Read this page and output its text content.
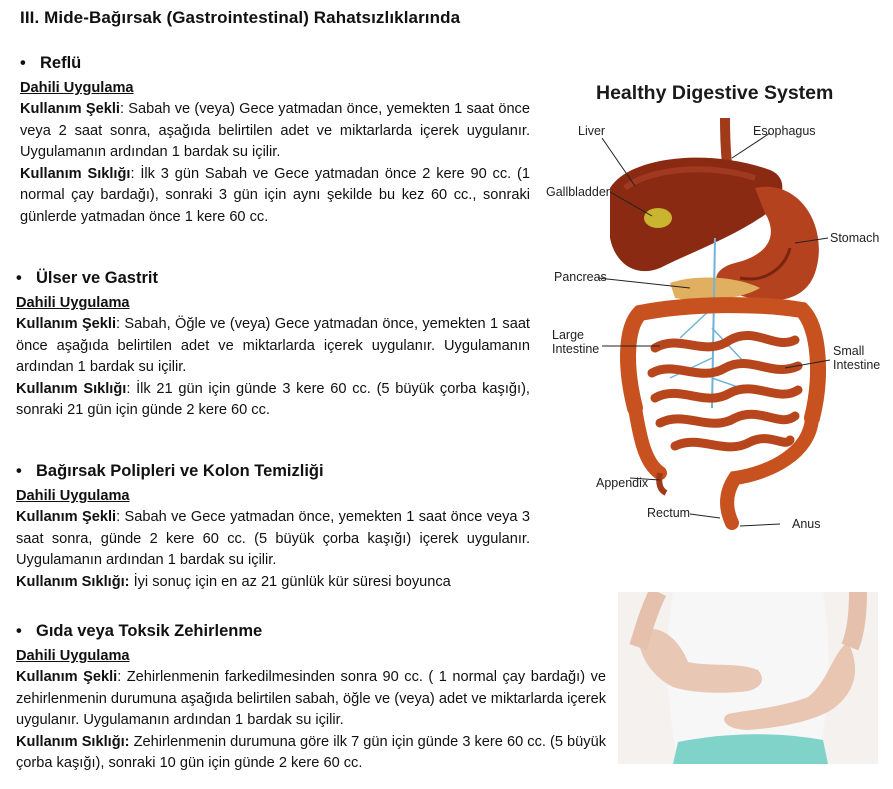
III. Mide-Bağırsak (Gastrointestinal) Rahatsızlıklarında
• Reflü
Dahili Uygulama
Kullanım Şekli: Sabah ve (veya) Gece yatmadan önce, yemekten 1 saat önce veya 2 saat sonra, aşağıda belirtilen adet ve miktarlarda içerek uygulanır. Uygulamanın ardından 1 bardak su içilir.
Kullanım Sıklığı: İlk 3 gün Sabah ve Gece yatmadan önce 2 kere 90 cc. (1 normal çay bardağı), sonraki 3 gün için aynı şekilde bu kez 60 cc., sonraki günlerde yatmadan önce 1 kere 60 cc.
• Ülser ve Gastrit
Dahili Uygulama
Kullanım Şekli: Sabah, Öğle ve (veya) Gece yatmadan önce, yemekten 1 saat önce aşağıda belirtilen adet ve miktarlarda içerek uygulanır. Uygulamanın ardından 1 bardak su içilir.
Kullanım Sıklığı: İlk 21 gün için günde 3 kere 60 cc. (5 büyük çorba kaşığı), sonraki 21 gün için günde 2 kere 60 cc.
• Bağırsak Polipleri ve Kolon Temizliği
Dahili Uygulama
Kullanım Şekli: Sabah ve Gece yatmadan önce, yemekten 1 saat önce veya 3 saat sonra, günde 2 kere 60 cc. (5 büyük çorba kaşığı) içerek uygulanır. Uygulamanın ardından 1 bardak su içilir.
Kullanım Sıklığı: İyi sonuç için en az 21 günlük kür süresi boyunca
• Gıda veya Toksik Zehirlenme
Dahili Uygulama
Kullanım Şekli: Zehirlenmenin farkedilmesinden sonra 90 cc. ( 1 normal çay bardağı) ve zehirlenmenin durumuna aşağıda belirtilen sabah, öğle ve (veya) adet ve miktarlarda içerek uygulanır. Uygulamanın ardından 1 bardak su içilir.
Kullanım Sıklığı: Zehirlenmenin durumuna göre ilk 7 gün için günde 3 kere 60 cc. (5 büyük çorba kaşığı), sonraki 10 gün için günde 2 kere 60 cc.
Healthy Digestive System
Liver	Esophagus
Gallbladder
Stomach
Pancreas
Large Intestine	Small Intestine
Appendix
Rectum
Anus
